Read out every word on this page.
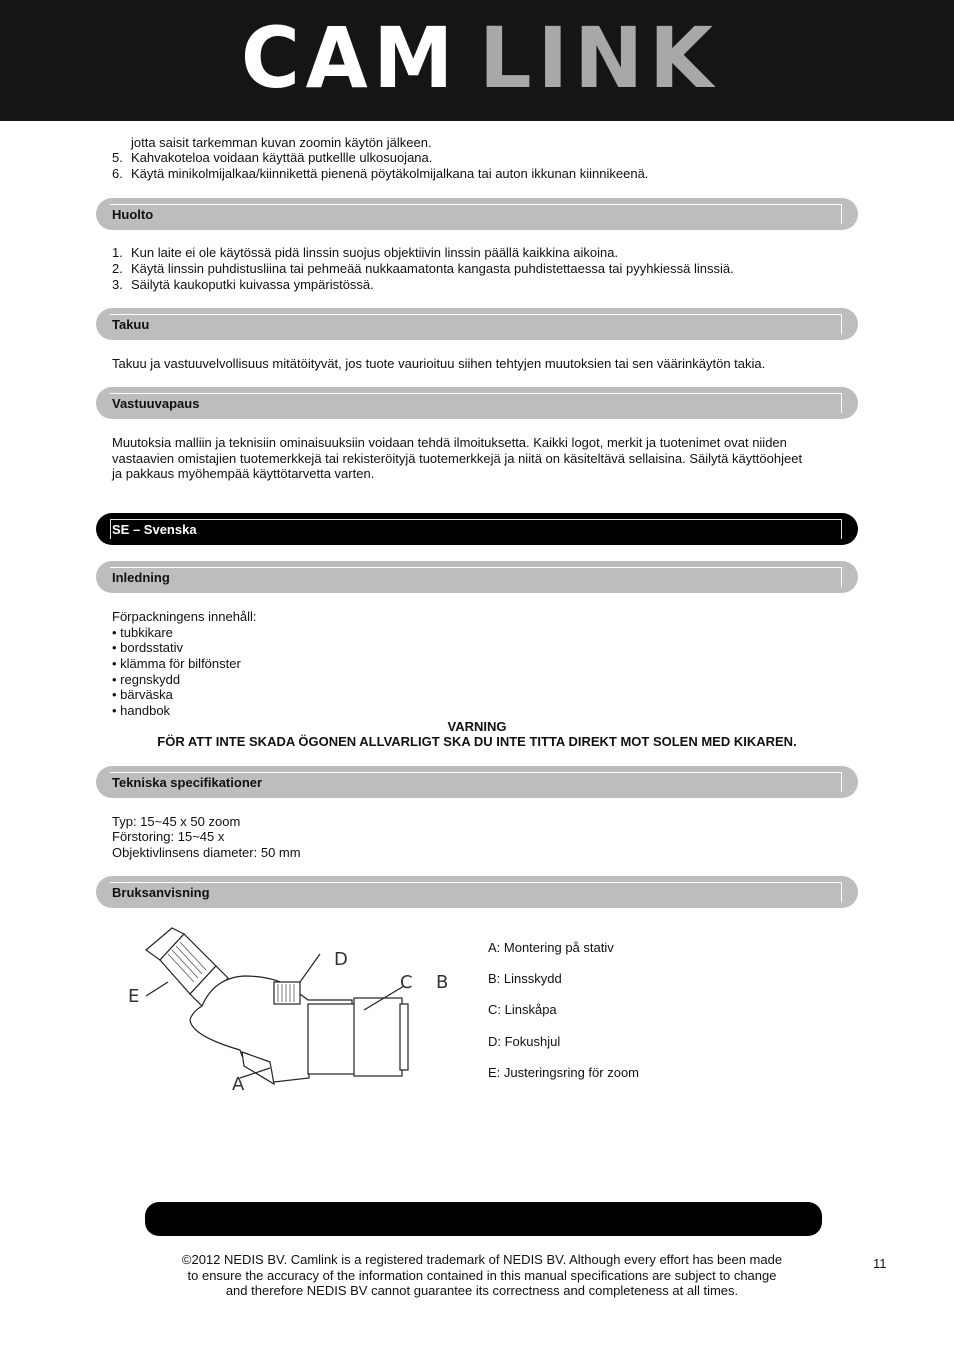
CAM LINK
jotta saisit tarkemman kuvan zoomin käytön jälkeen.
5. Kahvakoteloa voidaan käyttää putkellle ulkosuojana.
6. Käytä minikolmijalkaa/kiinnikettä pienenä pöytäkolmijalkana tai auton ikkunan kiinnikeenä.
Huolto
1. Kun laite ei ole käytössä pidä linssin suojus objektiivin linssin päällä kaikkina aikoina.
2. Käytä linssin puhdistusliina tai pehmeää nukkaamatonta kangasta puhdistettaessa tai pyyhkiessä linssiä.
3. Säilytä kaukoputki kuivassa ympäristössä.
Takuu
Takuu ja vastuuvelvollisuus mitätöityvät, jos tuote vaurioituu siihen tehtyjen muutoksien tai sen väärinkäytön takia.
Vastuuvapaus
Muutoksia malliin ja teknisiin ominaisuuksiin voidaan tehdä ilmoituksetta. Kaikki logot, merkit ja tuotenimet ovat niiden
vastaavien omistajien tuotemerkkejä tai rekisteröityjä tuotemerkkejä ja niitä on käsiteltävä sellaisina. Säilytä käyttöohjeet
ja pakkaus myöhempää käyttötarvetta varten.
SE – Svenska
Inledning
Förpackningens innehåll:
• tubkikare
• bordsstativ
• klämma för bilfönster
• regnskydd
• bärväska
• handbok
VARNING
FÖR ATT INTE SKADA ÖGONEN ALLVARLIGT SKA DU INTE TITTA DIREKT MOT SOLEN MED KIKAREN.
Tekniska specifikationer
Typ: 15~45 x 50 zoom
Förstoring: 15~45 x
Objektivlinsens diameter: 50 mm
Bruksanvisning
D
C B
E
A
A: Montering på stativ
B: Linsskydd
C: Linskåpa
D: Fokushjul
E: Justeringsring för zoom
©2012 NEDIS BV. Camlink is a registered trademark of NEDIS BV. Although every effort has been made
to ensure the accuracy of the information contained in this manual specifications are subject to change
and therefore NEDIS BV cannot guarantee its correctness and completeness at all times.
11
